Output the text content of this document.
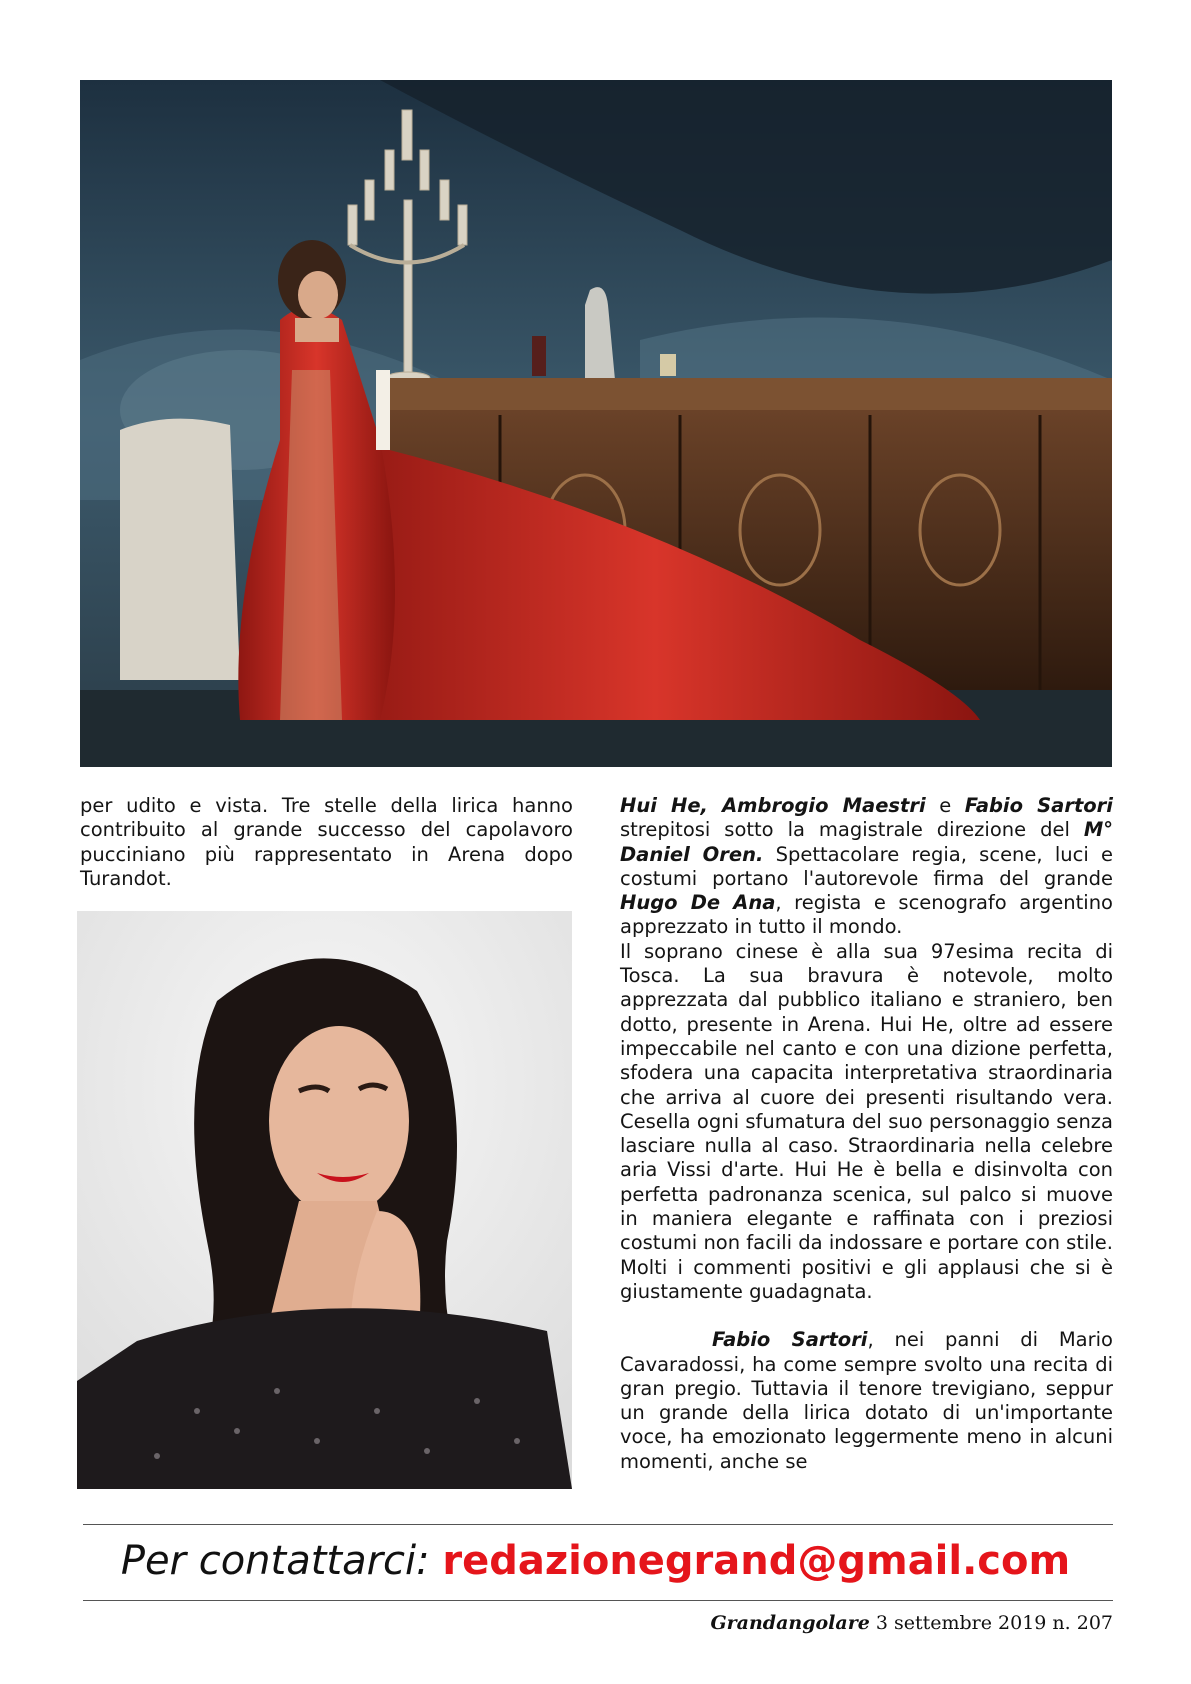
per udito e vista. Tre stelle della lirica hanno contribuito al grande successo del capolavoro pucciniano più rappresentato in Arena dopo Turandot.

Hui He, Ambrogio Maestri e Fabio Sartori strepitosi sotto la magistrale direzione del M° Daniel Oren. Spettacolare regia, scene, luci e costumi portano l'autorevole firma del grande Hugo De Ana, regista e scenografo argentino apprezzato in tutto il mondo.

Il soprano cinese è alla sua 97esima recita di Tosca. La sua bravura è notevole, molto apprezzata dal pubblico italiano e straniero, ben dotto, presente in Arena. Hui He, oltre ad essere impeccabile nel canto e con una dizione perfetta, sfodera una capacita interpretativa straordinaria che arriva al cuore dei presenti risultando vera. Cesella ogni sfumatura del suo personaggio senza lasciare nulla al caso. Straordinaria nella celebre aria Vissi d'arte. Hui He è bella e disinvolta con perfetta padronanza scenica, sul palco si muove in maniera elegante e raffinata con i preziosi costumi non facili da indossare e portare con stile. Molti i commenti positivi e gli applausi che si è giustamente guadagnata.

Fabio Sartori, nei panni di Mario Cavaradossi, ha come sempre svolto una recita di gran pregio. Tuttavia il tenore trevigiano, seppur un grande della lirica dotato di un'importante voce, ha emozionato leggermente meno in alcuni momenti, anche se

Per contattarci: redazionegrand@gmail.com
Grandangolare 3 settembre 2019 n. 207
